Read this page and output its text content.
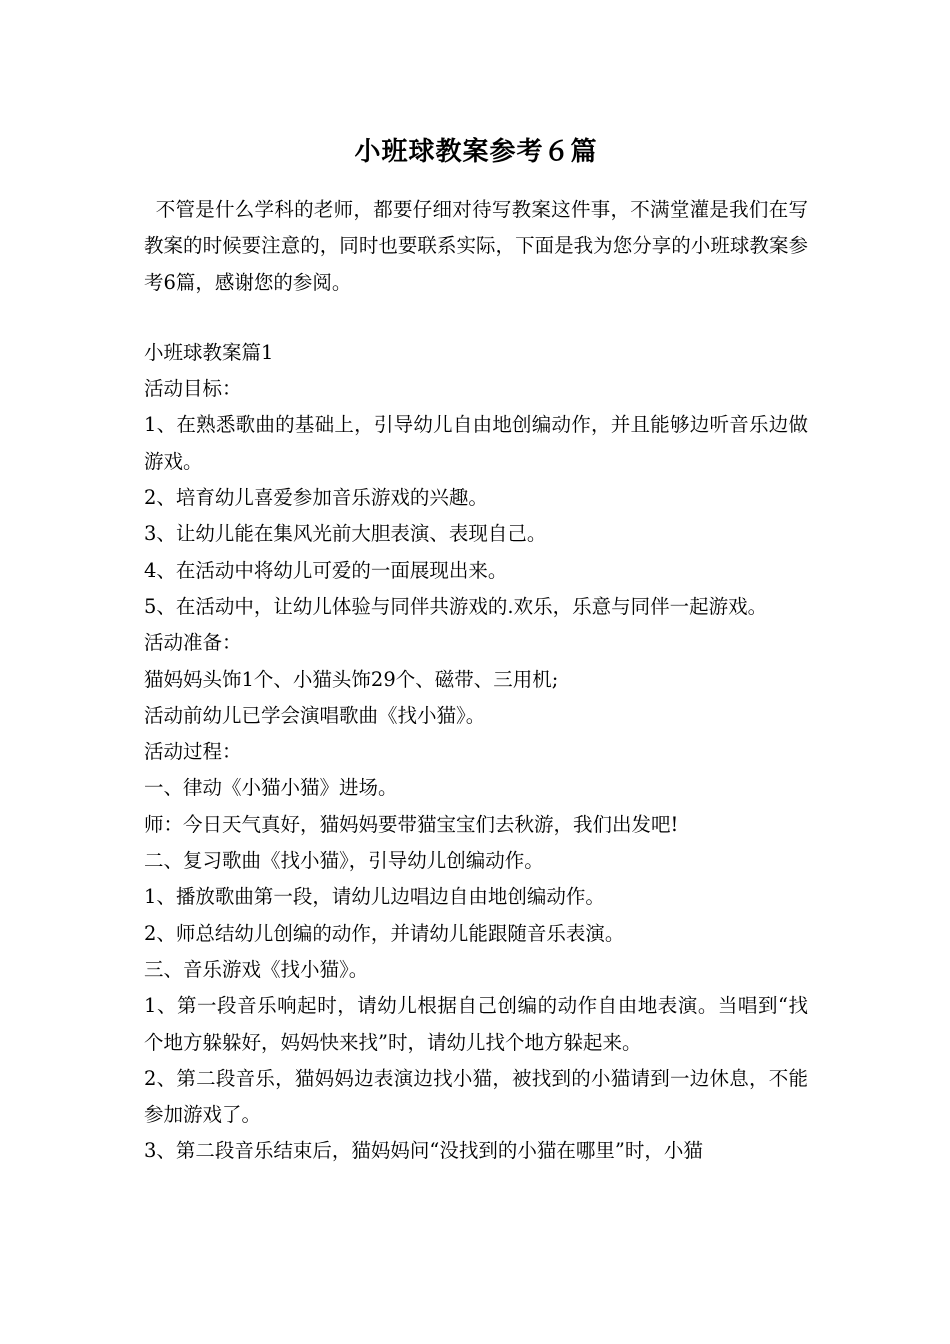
小班球教案参考６篇

不管是什么学科的老师，都要仔细对待写教案这件事，不满堂灌是我们在写教案的时候要注意的，同时也要联系实际，下面是我为您分享的小班球教案参考6篇，感谢您的参阅。

小班球教案篇1

活动目标：

1、在熟悉歌曲的基础上，引导幼儿自由地创编动作，并且能够边听音乐边做游戏。

2、培育幼儿喜爱参加音乐游戏的兴趣。

3、让幼儿能在集风光前大胆表演、表现自己。

4、在活动中将幼儿可爱的一面展现出来。

5、在活动中，让幼儿体验与同伴共游戏的.欢乐，乐意与同伴一起游戏。

活动准备：

猫妈妈头饰1个、小猫头饰29个、磁带、三用机;

活动前幼儿已学会演唱歌曲《找小猫》。

活动过程：

一、律动《小猫小猫》进场。

师：今日天气真好，猫妈妈要带猫宝宝们去秋游，我们出发吧!

二、复习歌曲《找小猫》，引导幼儿创编动作。

1、播放歌曲第一段，请幼儿边唱边自由地创编动作。

2、师总结幼儿创编的动作，并请幼儿能跟随音乐表演。

三、音乐游戏《找小猫》。

1、第一段音乐响起时，请幼儿根据自己创编的动作自由地表演。当唱到“找个地方躲躲好，妈妈快来找”时，请幼儿找个地方躲起来。

2、第二段音乐，猫妈妈边表演边找小猫，被找到的小猫请到一边休息，不能参加游戏了。

3、第二段音乐结束后，猫妈妈问“没找到的小猫在哪里”时，小猫
